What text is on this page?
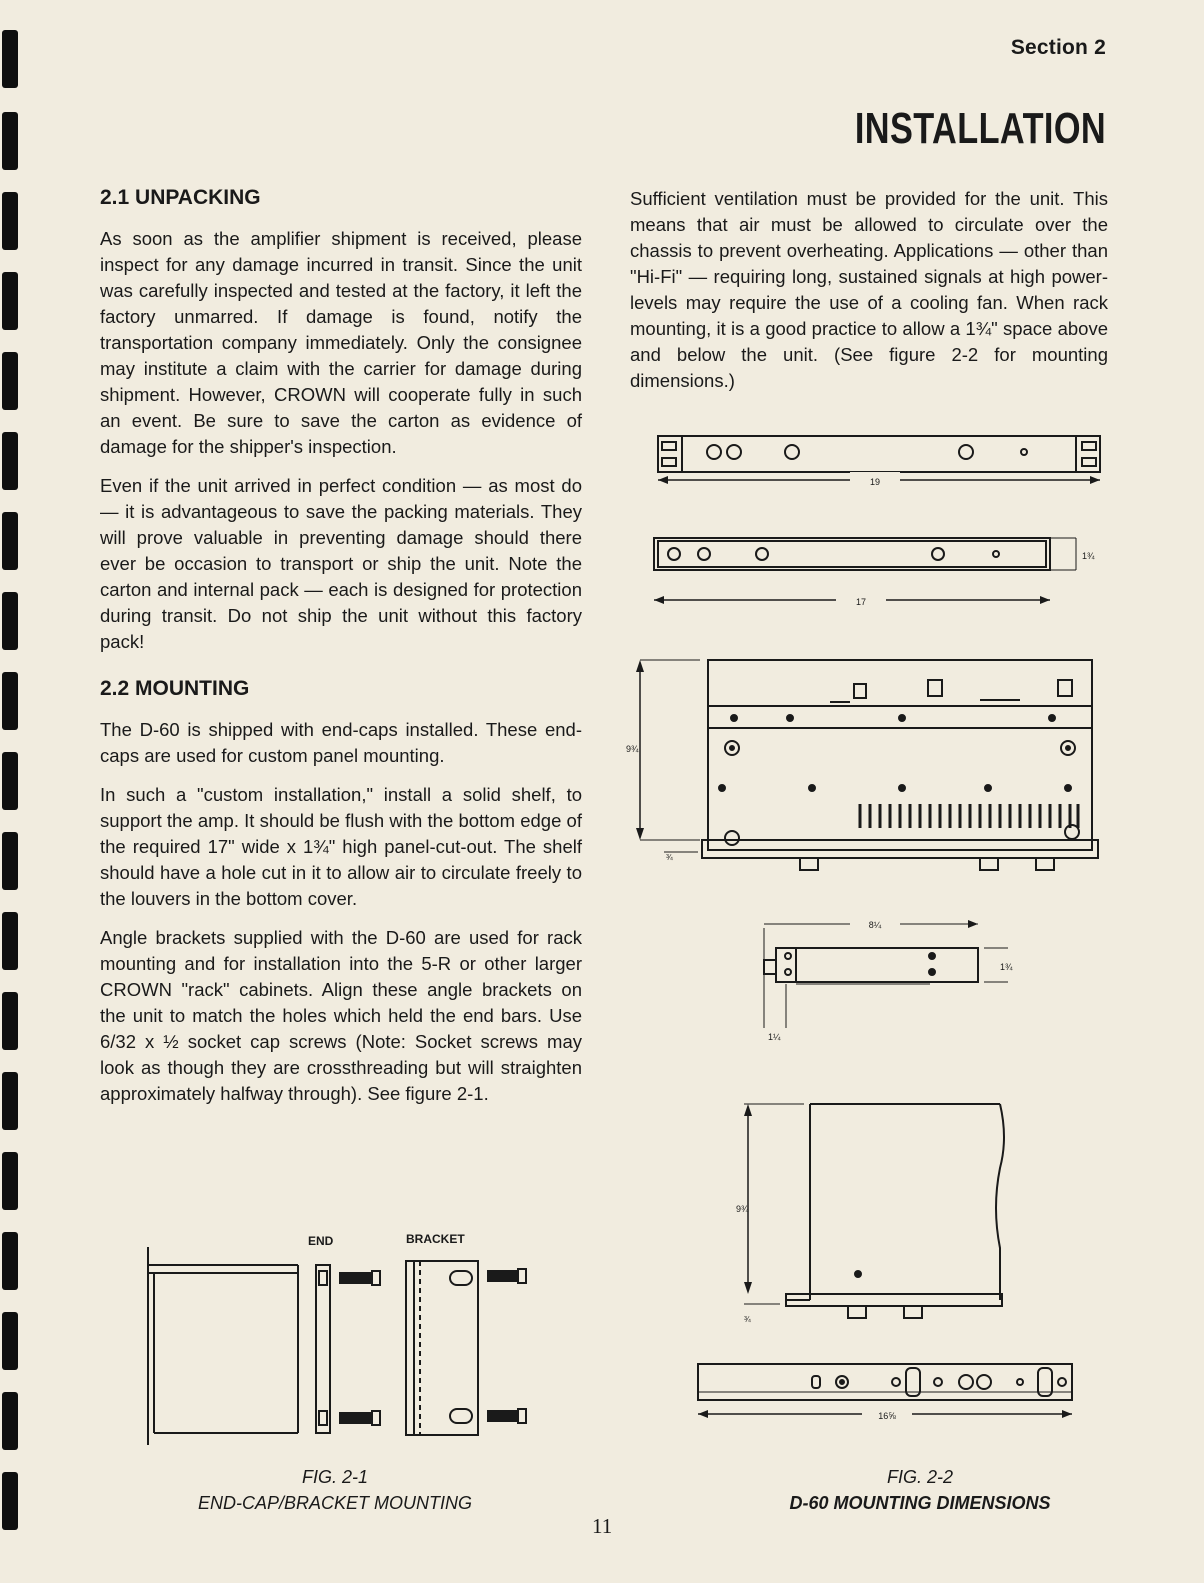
Section 2
INSTALLATION
2.1 UNPACKING

As soon as the amplifier shipment is received, please inspect for any damage incurred in transit. Since the unit was carefully inspected and tested at the factory, it left the factory unmarred. If damage is found, notify the transportation company immediately. Only the consignee may institute a claim with the carrier for damage during shipment. However, CROWN will cooperate fully in such an event. Be sure to save the carton as evidence of damage for the shipper's inspection.

Even if the unit arrived in perfect condition — as most do — it is advantageous to save the packing materials. They will prove valuable in preventing damage should there ever be occasion to transport or ship the unit. Note the carton and internal pack — each is designed for protection during transit. Do not ship the unit without this factory pack!

2.2 MOUNTING

The D-60 is shipped with end-caps installed. These end-caps are used for custom panel mounting.

In such a "custom installation," install a solid shelf, to support the amp. It should be flush with the bottom edge of the required 17" wide x 1¾" high panel-cut-out. The shelf should have a hole cut in it to allow air to circulate freely to the louvers in the bottom cover.

Angle brackets supplied with the D-60 are used for rack mounting and for installation into the 5-R or other larger CROWN "rack" cabinets. Align these angle brackets on the unit to match the holes which held the end bars. Use 6/32 x ½ socket cap screws (Note: Socket screws may look as though they are crossthreading but will straighten approximately halfway through). See figure 2-1.

Sufficient ventilation must be provided for the unit. This means that air must be allowed to circulate over the chassis to prevent overheating. Applications — other than "Hi-Fi" — requiring long, sustained signals at high power-levels may require the use of a cooling fan. When rack mounting, it is a good practice to allow a 1¾" space above and below the unit. (See figure 2-2 for mounting dimensions.)

END	BRACKET
FIG. 2-1
END-CAP/BRACKET MOUNTING
19
17
1¾
9¾
¾
8¼
1¾
1¼
9¾
¾
16⅝
FIG. 2-2
D-60 MOUNTING DIMENSIONS
11
